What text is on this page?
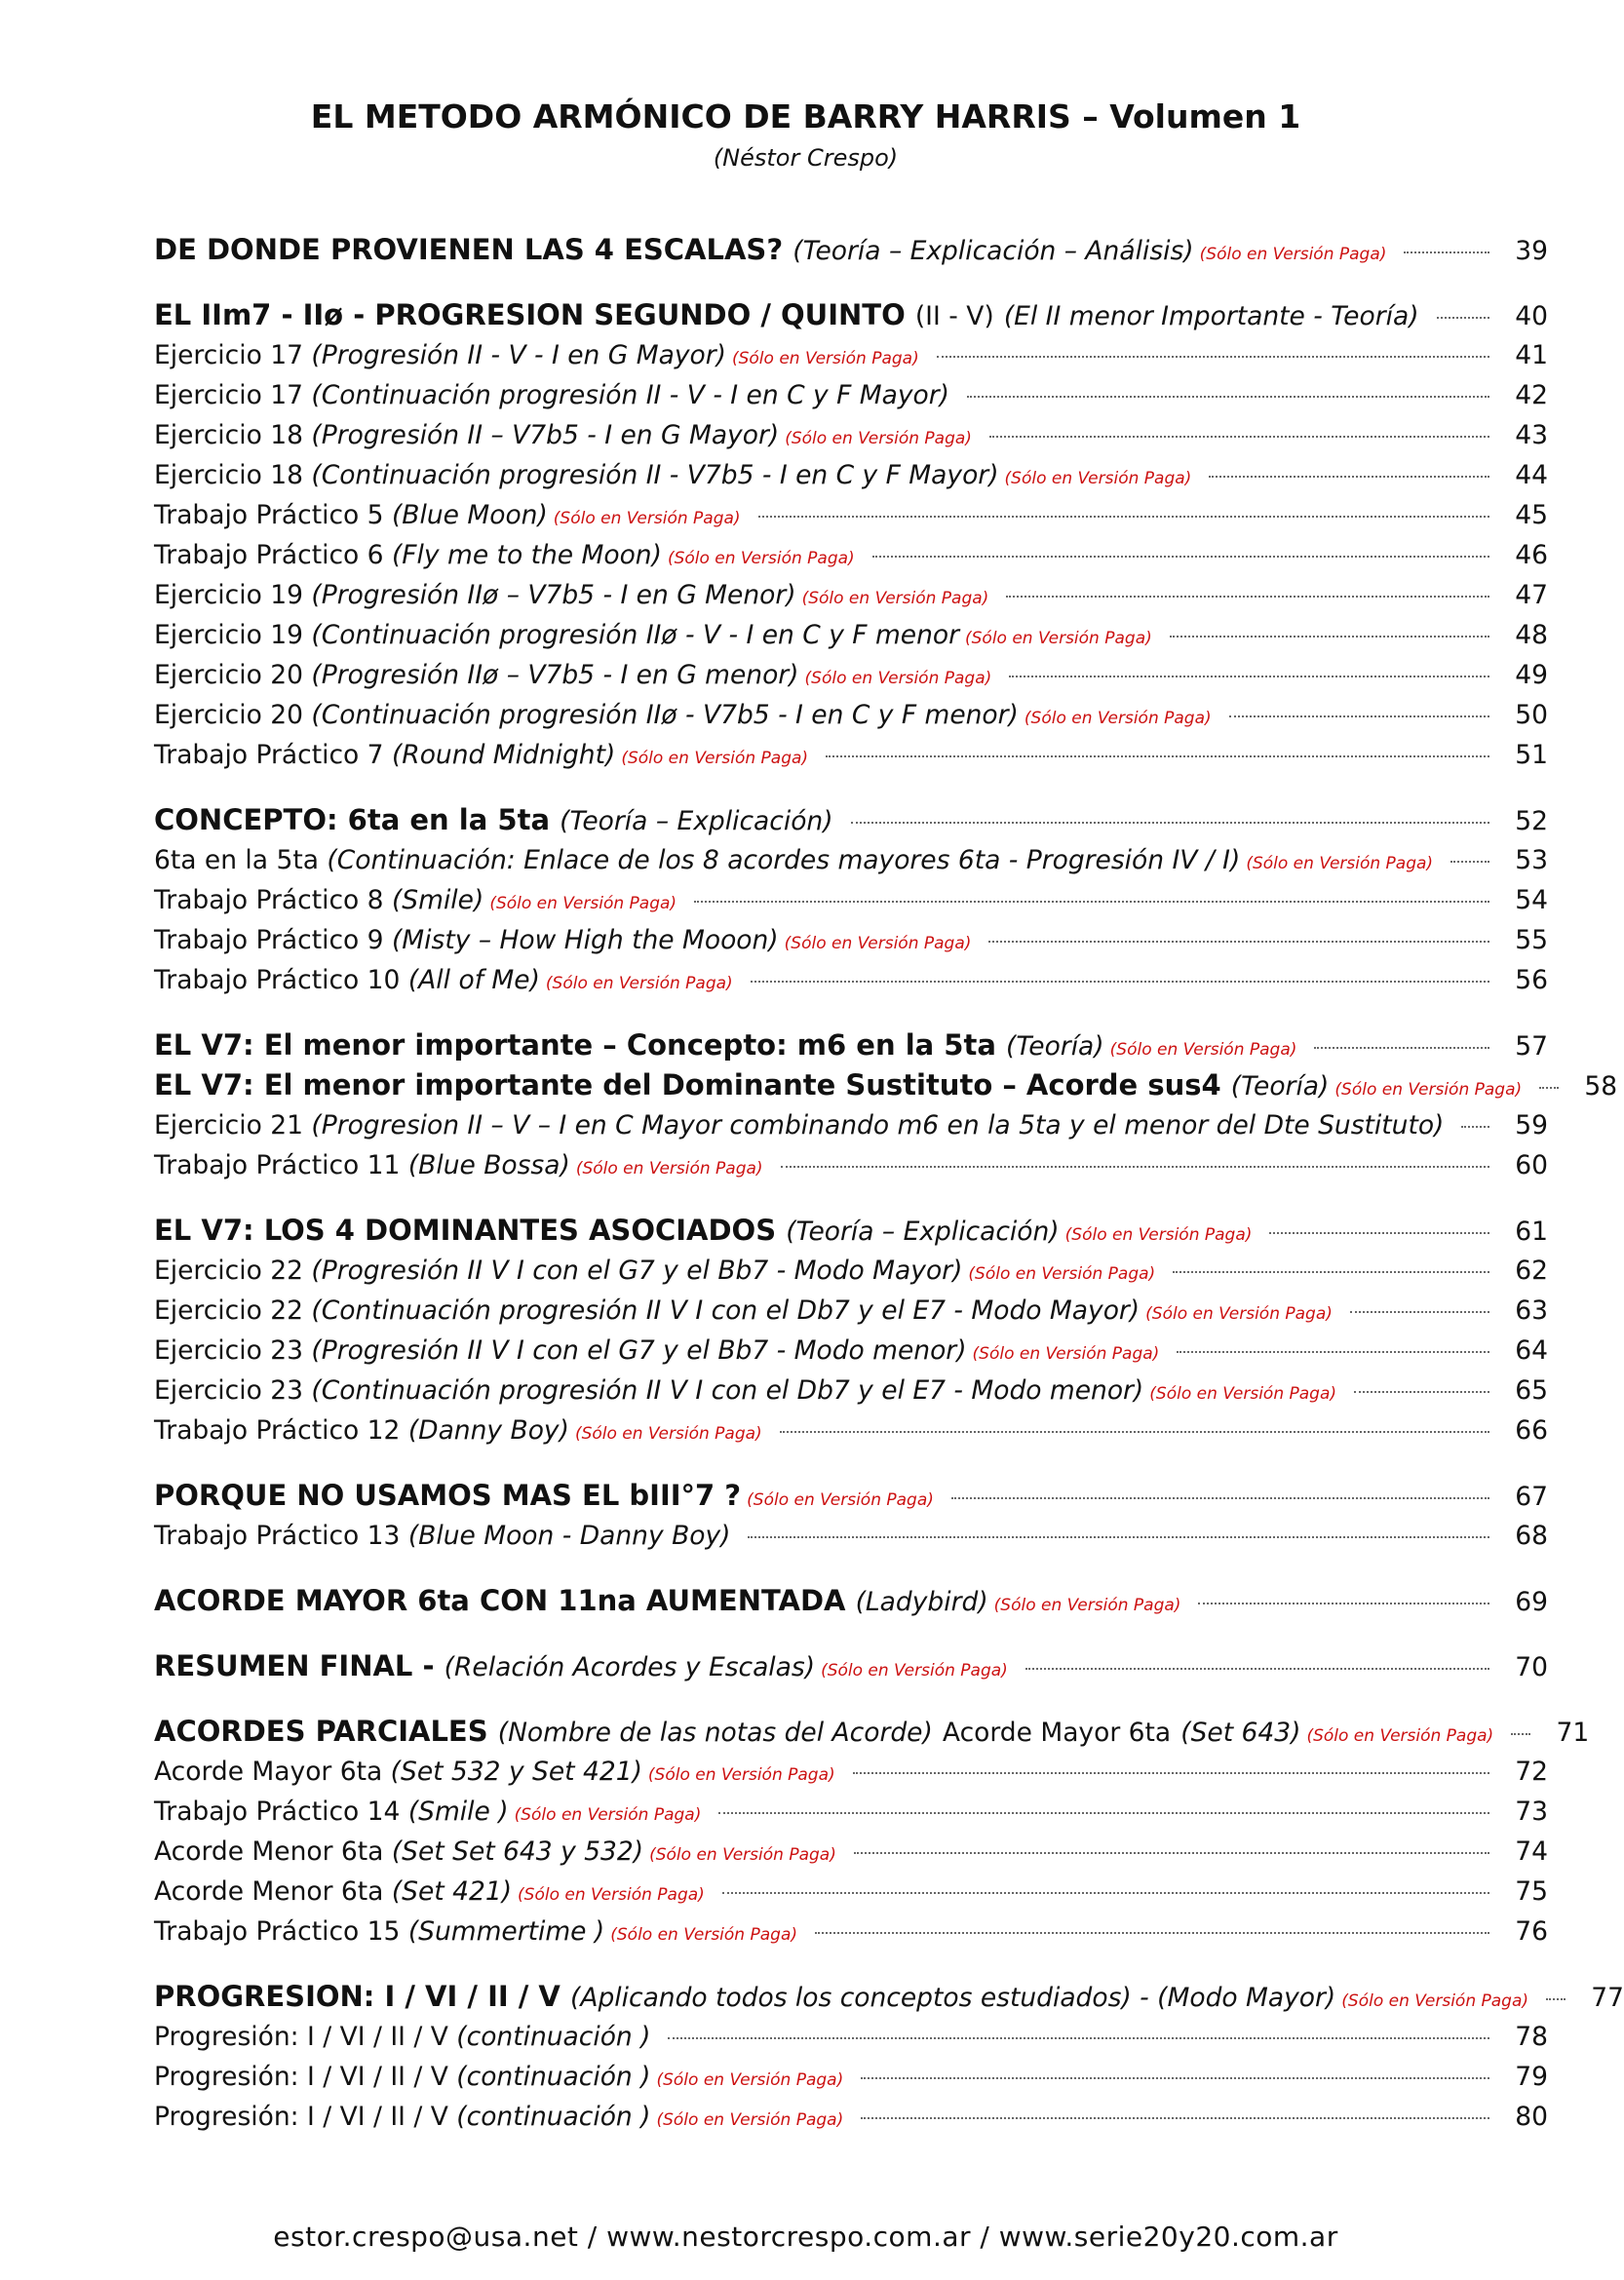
EL METODO ARMÓNICO DE BARRY HARRIS – Volumen 1
(Néstor Crespo)
DE DONDE PROVIENEN LAS 4 ESCALAS? (Teoría – Explicación – Análisis) (Sólo en Versión Paga)	39
EL IIm7 - IIø - PROGRESION SEGUNDO / QUINTO (II - V) (El II menor Importante - Teoría)	40
Ejercicio 17 (Progresión II - V - I en G Mayor) (Sólo en Versión Paga)	41
Ejercicio 17 (Continuación progresión II - V - I en C y F Mayor)	42
Ejercicio 18 (Progresión II – V7b5 - I en G Mayor) (Sólo en Versión Paga)	43
Ejercicio 18 (Continuación progresión II - V7b5 - I en C y F Mayor) (Sólo en Versión Paga)	44
Trabajo Práctico 5 (Blue Moon) (Sólo en Versión Paga)	45
Trabajo Práctico 6 (Fly me to the Moon) (Sólo en Versión Paga)	46
Ejercicio 19 (Progresión IIø – V7b5 - I en G Menor) (Sólo en Versión Paga)	47
Ejercicio 19 (Continuación progresión IIø - V - I en C y F menor (Sólo en Versión Paga)	48
Ejercicio 20 (Progresión IIø – V7b5 - I en G menor) (Sólo en Versión Paga)	49
Ejercicio 20 (Continuación progresión IIø - V7b5 - I en C y F menor) (Sólo en Versión Paga)	50
Trabajo Práctico 7 (Round Midnight) (Sólo en Versión Paga)	51
CONCEPTO: 6ta en la 5ta (Teoría – Explicación)	52
6ta en la 5ta (Continuación: Enlace de los 8 acordes mayores 6ta - Progresión IV / I) (Sólo en Versión Paga)	53
Trabajo Práctico 8 (Smile) (Sólo en Versión Paga)	54
Trabajo Práctico 9 (Misty – How High the Mooon) (Sólo en Versión Paga)	55
Trabajo Práctico 10 (All of Me) (Sólo en Versión Paga)	56
EL V7: El menor importante – Concepto: m6 en la 5ta (Teoría) (Sólo en Versión Paga)	57
EL V7: El menor importante del Dominante Sustituto – Acorde sus4 (Teoría) (Sólo en Versión Paga)	58
Ejercicio 21 (Progresion II – V – I en C Mayor combinando m6 en la 5ta y el menor del Dte Sustituto)	59
Trabajo Práctico 11 (Blue Bossa) (Sólo en Versión Paga)	60
EL V7: LOS 4 DOMINANTES ASOCIADOS (Teoría – Explicación) (Sólo en Versión Paga)	61
Ejercicio 22 (Progresión II V I con el G7 y el Bb7 - Modo Mayor) (Sólo en Versión Paga)	62
Ejercicio 22 (Continuación progresión II V I con el Db7 y el E7 - Modo Mayor) (Sólo en Versión Paga)	63
Ejercicio 23 (Progresión II V I con el G7 y el Bb7 - Modo menor) (Sólo en Versión Paga)	64
Ejercicio 23 (Continuación progresión II V I con el Db7 y el E7 - Modo menor) (Sólo en Versión Paga)	65
Trabajo Práctico 12 (Danny Boy) (Sólo en Versión Paga)	66
PORQUE NO USAMOS MAS EL bIII°7 ? (Sólo en Versión Paga)	67
Trabajo Práctico 13 (Blue Moon - Danny Boy)	68
ACORDE MAYOR 6ta CON 11na AUMENTADA (Ladybird) (Sólo en Versión Paga)	69
RESUMEN FINAL - (Relación Acordes y Escalas) (Sólo en Versión Paga)	70
ACORDES PARCIALES (Nombre de las notas del Acorde) Acorde Mayor 6ta (Set 643) (Sólo en Versión Paga)	71
Acorde Mayor 6ta (Set 532 y Set 421) (Sólo en Versión Paga)	72
Trabajo Práctico 14 (Smile ) (Sólo en Versión Paga)	73
Acorde Menor 6ta (Set Set 643 y 532) (Sólo en Versión Paga)	74
Acorde Menor 6ta (Set 421) (Sólo en Versión Paga)	75
Trabajo Práctico 15 (Summertime ) (Sólo en Versión Paga)	76
PROGRESION: I / VI / II / V (Aplicando todos los conceptos estudiados) - (Modo Mayor) (Sólo en Versión Paga)	77
Progresión: I / VI / II / V (continuación )	78
Progresión: I / VI / II / V (continuación ) (Sólo en Versión Paga)	79
Progresión: I / VI / II / V (continuación ) (Sólo en Versión Paga)	80
estor.crespo@usa.net / www.nestorcrespo.com.ar / www.serie20y20.com.ar
